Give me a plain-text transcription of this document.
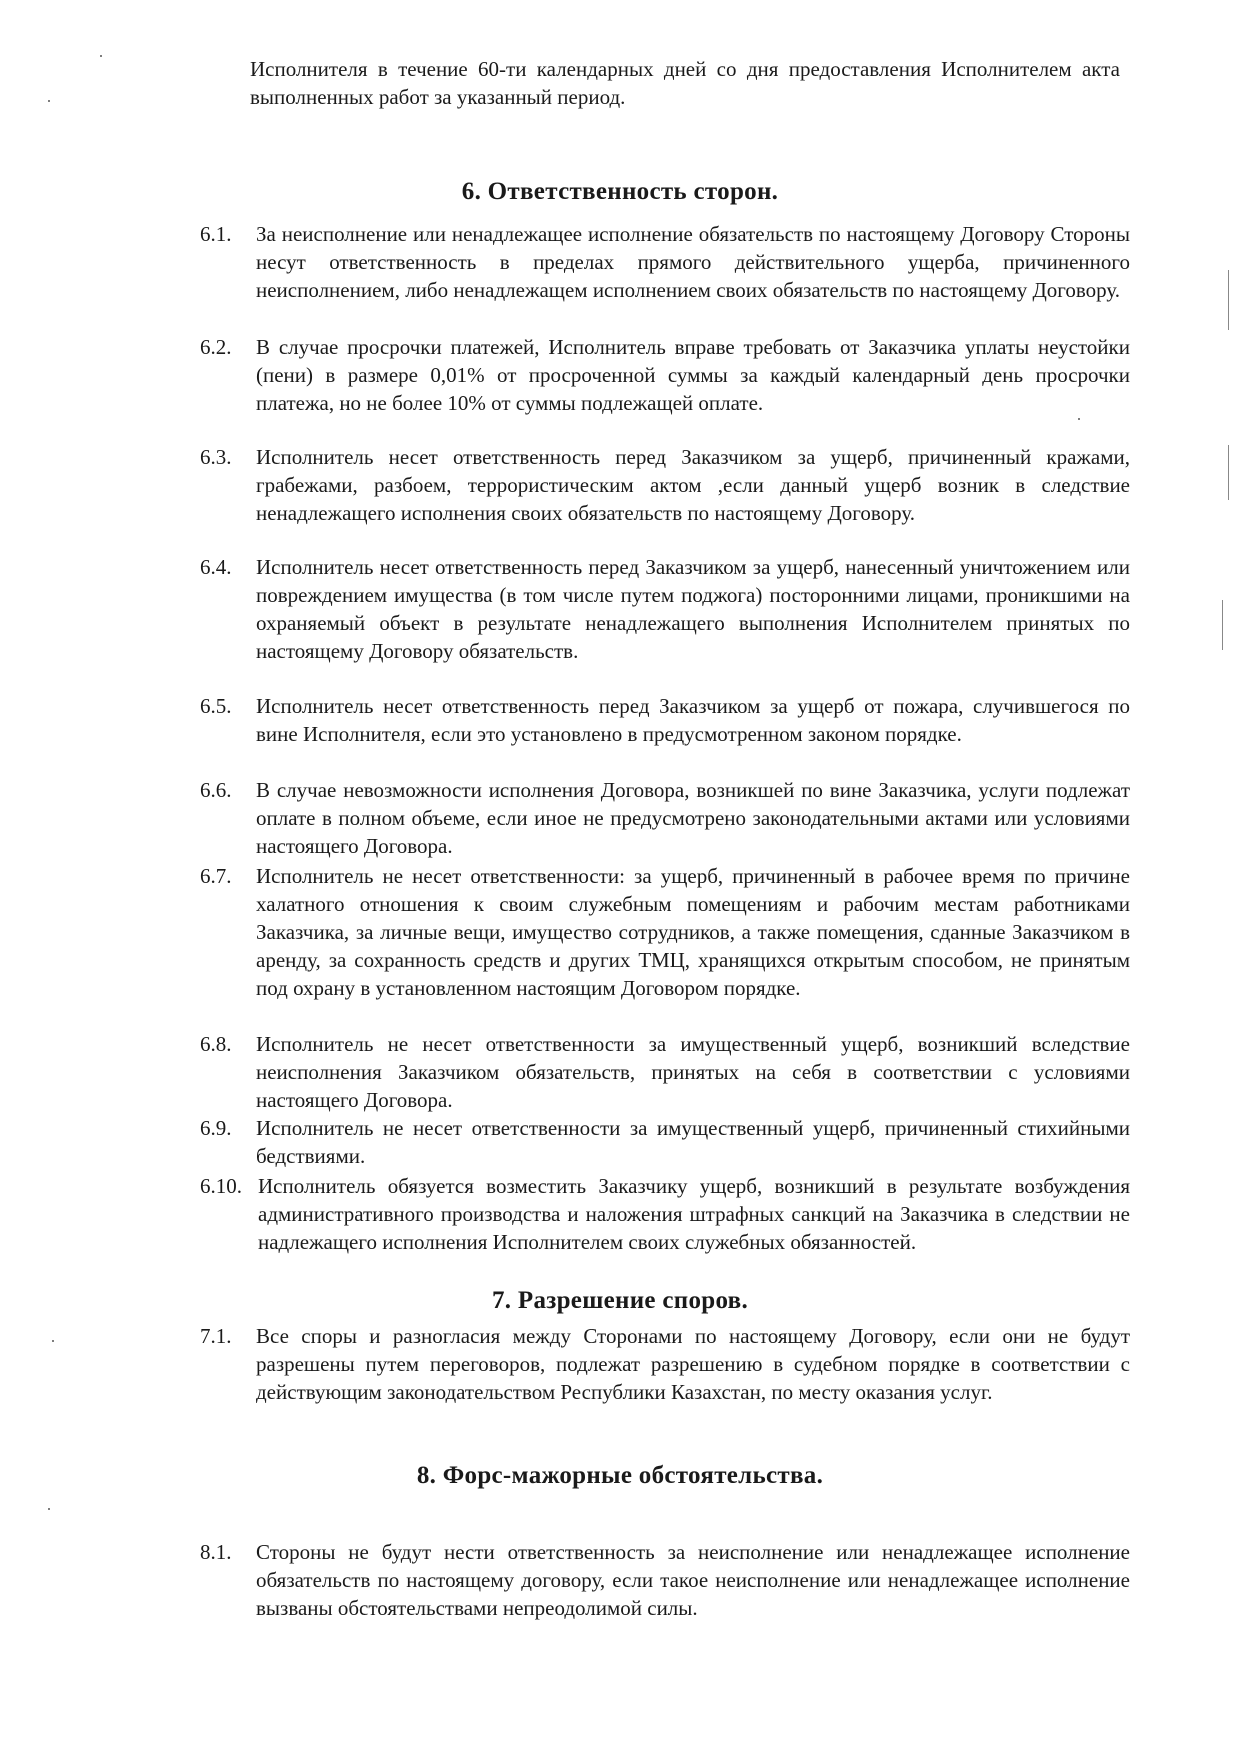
Исполнителя в течение 60-ти календарных дней со дня предоставления Исполнителем акта выполненных работ за указанный период.
6. Ответственность сторон.
6.1.	За неисполнение или ненадлежащее исполнение обязательств по настоящему Договору Стороны несут ответственность в пределах прямого действительного ущерба, причиненного неисполнением, либо ненадлежащем исполнением своих обязательств по настоящему Договору.
6.2.	В случае просрочки платежей, Исполнитель вправе требовать от Заказчика уплаты неустойки (пени) в размере 0,01% от просроченной суммы за каждый календарный день просрочки платежа, но не более 10% от суммы подлежащей оплате.
6.3.	Исполнитель несет ответственность перед Заказчиком за ущерб, причиненный кражами, грабежами, разбоем, террористическим актом ,если данный ущерб возник в следствие ненадлежащего исполнения своих обязательств по настоящему Договору.
6.4.	Исполнитель несет ответственность перед Заказчиком за ущерб, нанесенный уничтожением или повреждением имущества (в том числе путем поджога) посторонними лицами, проникшими на охраняемый объект в результате ненадлежащего выполнения Исполнителем принятых по настоящему Договору обязательств.
6.5.	Исполнитель несет ответственность перед Заказчиком за ущерб от пожара, случившегося по вине Исполнителя, если это установлено в предусмотренном законом порядке.
6.6.	В случае невозможности исполнения Договора, возникшей по вине Заказчика, услуги подлежат оплате в полном объеме, если иное не предусмотрено законодательными актами или условиями настоящего Договора.
6.7.	Исполнитель не несет ответственности: за ущерб, причиненный в рабочее время по причине халатного отношения к своим служебным помещениям и рабочим местам работниками Заказчика, за личные вещи, имущество сотрудников, а также помещения, сданные Заказчиком в аренду, за сохранность средств и других ТМЦ, хранящихся открытым способом, не принятым под охрану в установленном настоящим Договором порядке.
6.8.	Исполнитель не несет ответственности за имущественный ущерб, возникший вследствие неисполнения Заказчиком обязательств, принятых на себя в соответствии с условиями настоящего Договора.
6.9.	Исполнитель не несет ответственности за имущественный ущерб, причиненный стихийными бедствиями.
6.10. Исполнитель обязуется возместить Заказчику ущерб, возникший в результате возбуждения административного производства и наложения штрафных санкций на Заказчика в следствии не надлежащего исполнения Исполнителем своих служебных обязанностей.
7. Разрешение споров.
7.1.	Все споры и разногласия между Сторонами по настоящему Договору, если они не будут разрешены путем переговоров, подлежат разрешению в судебном порядке в соответствии с действующим законодательством Республики Казахстан, по месту оказания услуг.
8. Форс-мажорные обстоятельства.
8.1.	Стороны не будут нести ответственность за неисполнение или ненадлежащее исполнение обязательств по настоящему договору, если такое неисполнение или ненадлежащее исполнение вызваны обстоятельствами непреодолимой силы.
